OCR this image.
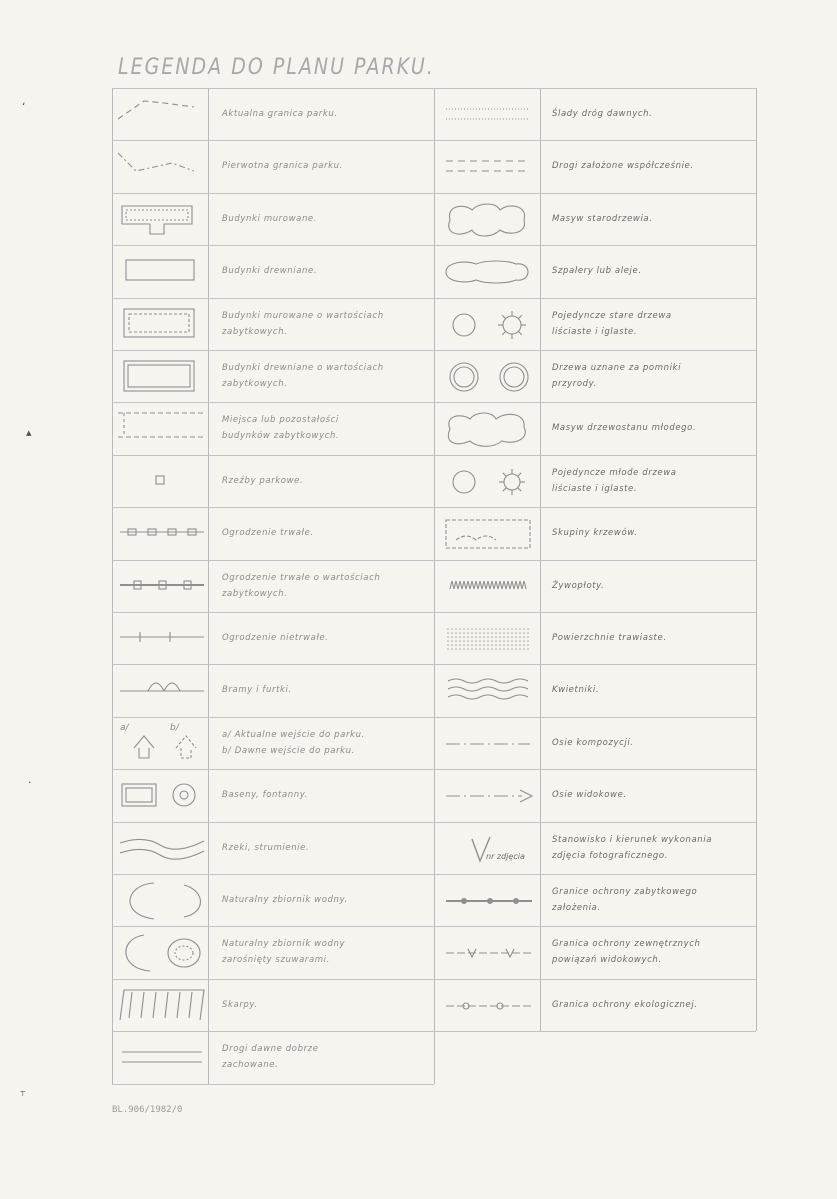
LEGENDA DO PLANU PARKU.
ʻ
▴
·
⸆
Aktualna granica parku.
Pierwotna granica parku.
Budynki murowane.
Budynki drewniane.
Budynki murowane o wartościach
zabytkowych.
Budynki drewniane o wartościach
zabytkowych.
Miejsca lub pozostałości
budynków zabytkowych.
Rzeźby parkowe.
Ogrodzenie trwałe.
Ogrodzenie trwałe o wartościach
zabytkowych.
Ogrodzenie nietrwałe.
Bramy i furtki.
a/ Aktualne wejście do parku.
b/ Dawne wejście do parku.
a/	b/
Baseny, fontanny.
Rzeki, strumienie.
Naturalny zbiornik wodny.
Naturalny zbiornik wodny
zarośnięty szuwarami.
Skarpy.
Drogi dawne dobrze
zachowane.
Ślady dróg dawnych.
Drogi założone współcześnie.
Masyw starodrzewia.
Szpalery lub aleje.
Pojedyncze stare drzewa
liściaste i iglaste.
Drzewa uznane za pomniki
przyrody.
Masyw drzewostanu młodego.
Pojedyncze młode drzewa
liściaste i iglaste.
Skupiny krzewów.
Żywopłoty.
Powierzchnie trawiaste.
Kwietniki.
Osie kompozycji.
Osie widokowe.
Stanowisko i kierunek wykonania
zdjęcia fotograficznego.
nr zdjęcia
Granice ochrony zabytkowego
założenia.
Granica ochrony zewnętrznych
powiązań widokowych.
Granica ochrony ekologicznej.
BL.906/1982/0
